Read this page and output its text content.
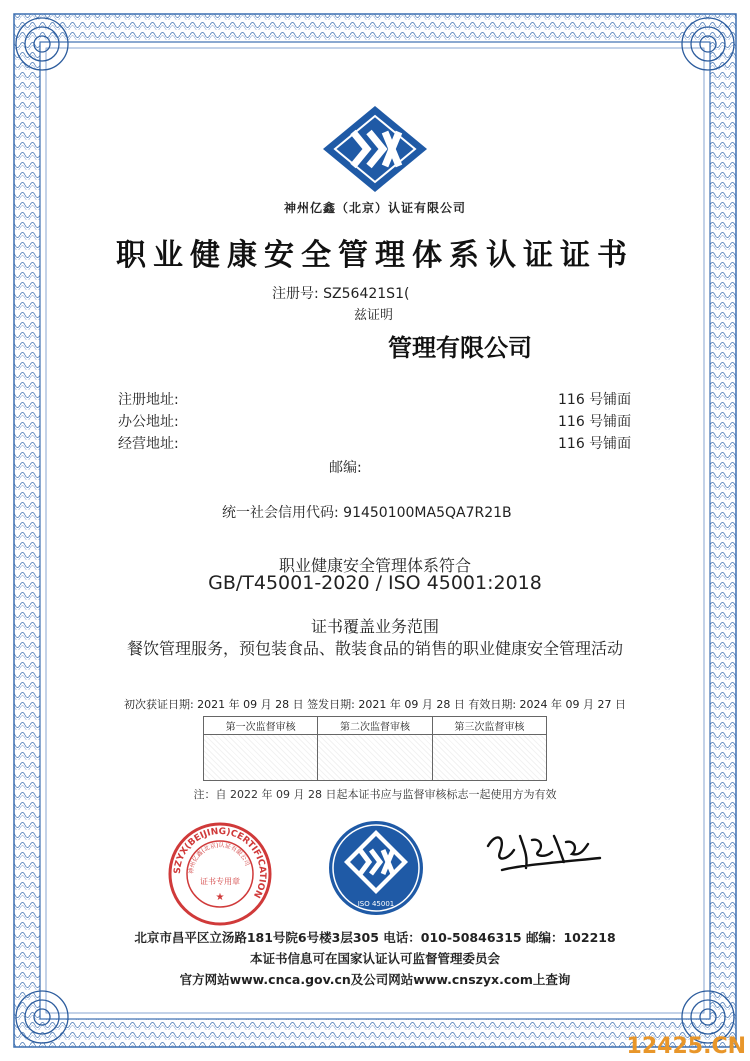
神州亿鑫（北京）认证有限公司
职业健康安全管理体系认证证书
注册号: SZ56421S1(
兹证明
管理有限公司
注册地址:	116 号铺面
办公地址:	116 号铺面
经营地址:	116 号铺面
邮编:
统一社会信用代码: 91450100MA5QA7R21B
职业健康安全管理体系符合
GB/T45001-2020 / ISO 45001:2018
证书覆盖业务范围
餐饮管理服务，预包装食品、散装食品的销售的职业健康安全管理活动
初次获证日期: 2021 年 09 月 28 日 签发日期: 2021 年 09 月 28 日 有效日期: 2024 年 09 月 27 日
第一次监督审核	第二次监督审核	第三次监督审核

注：自 2022 年 09 月 28 日起本证书应与监督审核标志一起使用方为有效
SZYX(BEIJING)CERTIFICATION
神州亿鑫(北京)认证有限公司
证书专用章
★
ISO 45001
北京市昌平区立汤路181号院6号楼3层305 电话：010-50846315 邮编：102218
本证书信息可在国家认证认可监督管理委员会
官方网站www.cnca.gov.cn及公司网站www.cnszyx.com上查询
12425.CN
